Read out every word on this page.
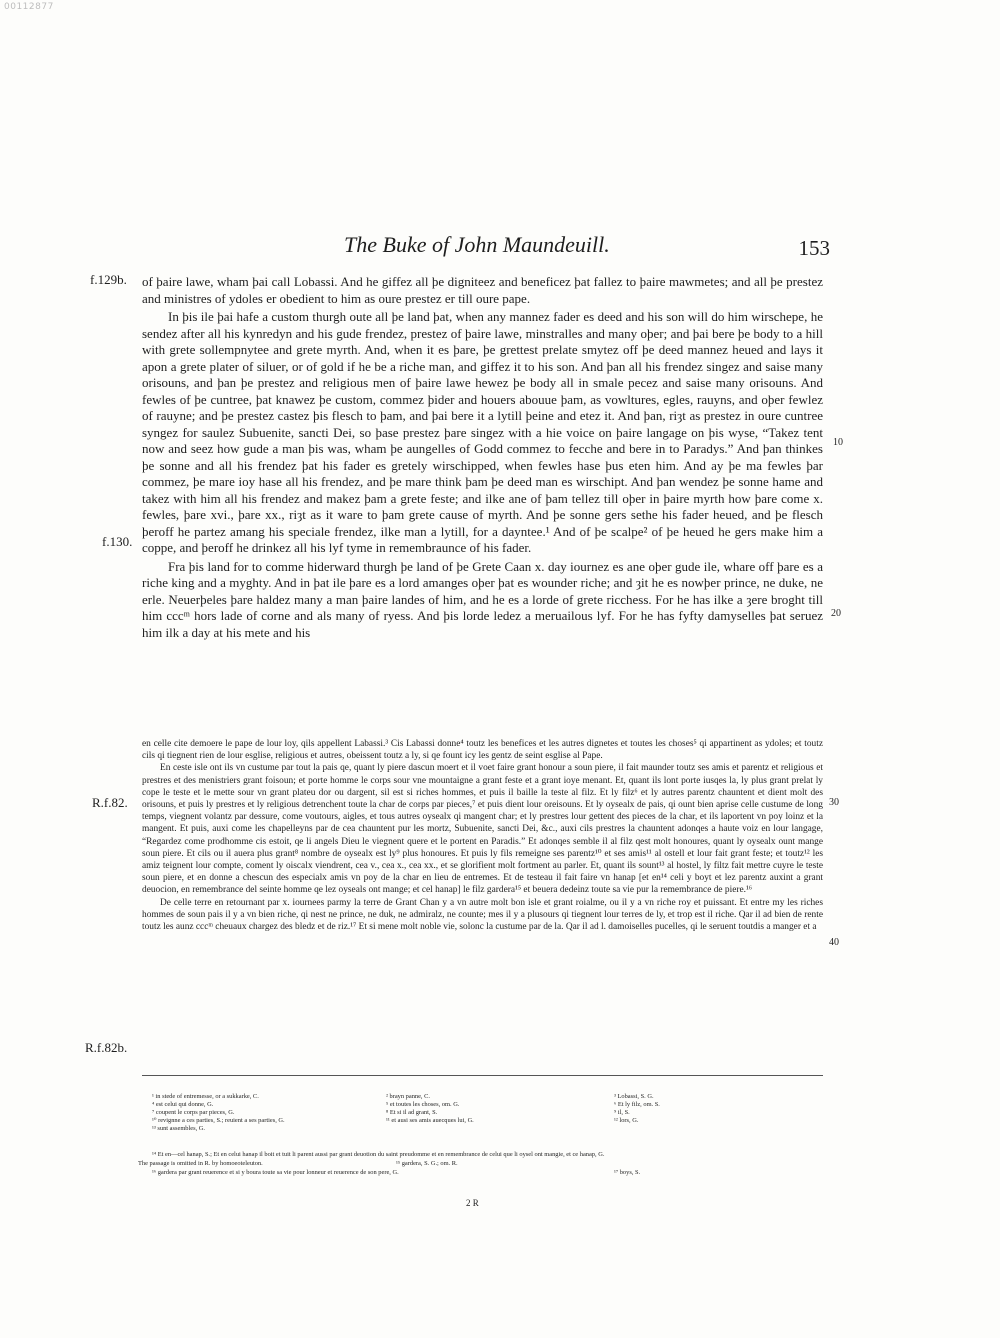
00112877
The Buke of John Maundeuill.	153

of þaire lawe, wham þai call Lobassi. And he giffez all þe digniteez and beneficez þat fallez to þaire mawmetes; and all þe prestez and ministres of ydoles er obedient to him as oure prestez er till oure pape.

In þis ile þai hafe a custom thurgh oute all þe land þat, when any mannez fader es deed and his son will do him wirschepe, he sendez after all his kynredyn and his gude frendez, prestez of þaire lawe, minstralles and many oþer; and þai bere þe body to a hill with grete sollempnytee and grete myrth. And, when it es þare, þe grettest prelate smytez off þe deed mannez heued and lays it apon a grete plater of siluer, or of gold if he be a riche man, and giffez it to his son. And þan all his frendez singez and saise many orisouns, and þan þe prestez and religious men of þaire lawe hewez þe body all in smale pecez and saise many orisouns. And fewles of þe cuntree, þat knawez þe custom, commez þider and houers abouue þam, as vowltures, egles, rauyns, and oþer fewlez of rauyne; and þe prestez castez þis flesch to þam, and þai bere it a lytill þeine and etez it. And þan, riȝt as prestez in oure cuntree syngez for saulez Subuenite, sancti Dei, so þase prestez þare singez with a hie voice on þaire langage on þis wyse, “Takez tent now and seez how gude a man þis was, wham þe aungelles of Godd commez to fecche and bere in to Paradys.” And þan thinkes þe sonne and all his frendez þat his fader es gretely wirschipped, when fewles hase þus eten him. And ay þe ma fewles þar commez, þe mare ioy hase all his frendez, and þe mare think þam þe deed man es wirschipt. And þan wendez þe sonne hame and takez with him all his frendez and makez þam a grete feste; and ilke ane of þam tellez till oþer in þaire myrth how þare come x. fewles, þare xvi., þare xx., riȝt as it ware to þam grete cause of myrth. And þe sonne gers sethe his fader heued, and þe flesch þeroff he partez amang his speciale frendez, ilke man a lytill, for a dayntee.¹ And of þe scalpe² of þe heued he gers make him a coppe, and þeroff he drinkez all his lyf tyme in remembraunce of his fader.

Fra þis land for to comme hiderward thurgh þe land of þe Grete Caan x. day iournez es ane oþer gude ile, whare off þare es a riche king and a myghty. And in þat ile þare es a lord amanges oþer þat es wounder riche; and ȝit he es nowþer prince, ne duke, ne erle. Neuerþeles þare haldez many a man þaire landes of him, and he es a lorde of grete ricchess. For he has ilke a ȝere broght till him cccᵐ hors lade of corne and als many of ryess. And þis lorde ledez a meruailous lyf. For he has fyfty damyselles þat seruez him ilk a day at his mete and his

en celle cite demoere le pape de lour loy, qils appellent Labassi.³ Cis Labassi donne⁴ toutz les benefices et les autres dignetes et toutes les choses⁵ qi appartinent as ydoles; et toutz cils qi tiegnent rien de lour esglise, religious et autres, obeissent toutz a ly, si qe fount icy les gentz de seint esglise al Pape.

En ceste isle ont ils vn custume par tout la pais qe, quant ly piere dascun moert et il voet faire grant honour a soun piere, il fait maunder toutz ses amis et parentz et religious et prestres et des menistriers grant foisoun; et porte homme le corps sour vne mountaigne a grant feste et a grant ioye menant. Et, quant ils lont porte iusqes la, ly plus grant prelat ly cope le teste et le mette sour vn grant plateu dor ou dargent, sil est si riches hommes, et puis il baille la teste al filz. Et ly filz⁶ et ly autres parentz chauntent et dient molt des orisouns, et puis ly prestres et ly religious detrenchent toute la char de corps par pieces,⁷ et puis dient lour oreisouns. Et ly oysealx de pais, qi ount bien aprise celle custume de long temps, viegnent volantz par dessure, come voutours, aigles, et tous autres oysealx qi mangent char; et ly prestres lour gettent des pieces de la char, et ils laportent vn poy loinz et la mangent. Et puis, auxi come les chapelleyns par de cea chauntent pur les mortz, Subuenite, sancti Dei, &c., auxi cils prestres la chauntent adonqes a haute voiz en lour langage, “Regardez come prodhomme cis estoit, qe li angels Dieu le viegnent quere et le portent en Paradis.” Et adonqes semble il al filz qest molt honoures, quant ly oysealx ount mange soun piere. Et cils ou il auera plus grant⁸ nombre de oysealx est ly⁹ plus honoures. Et puis ly fils remeigne ses parentz¹⁰ et ses amis¹¹ al ostell et lour fait grant feste; et toutz¹² les amiz teignent lour compte, coment ly oiscalx viendrent, cea v., cea x., cea xx., et se glorifient molt fortment au parler. Et, quant ils sount¹³ al hostel, ly filtz fait mettre cuyre le teste soun piere, et en donne a chescun des especialx amis vn poy de la char en lieu de entremes. Et de testeau il fait faire vn hanap [et en¹⁴ celi y boyt et lez parentz auxint a grant deuocion, en remembrance del seinte homme qe lez oyseals ont mange; et cel hanap] le filz gardera¹⁵ et beuera dedeinz toute sa vie pur la remembrance de piere.¹⁶

De celle terre en retournant par x. iournees parmy la terre de Grant Chan y a vn autre molt bon isle et grant roialme, ou il y a vn riche roy et puissant. Et entre my les riches hommes de soun pais il y a vn bien riche, qi nest ne prince, ne duk, ne admiralz, ne counte; mes il y a plusours qi tiegnent lour terres de ly, et trop est il riche. Qar il ad bien de rente toutz les aunz cccᵐ cheuaux chargez des bledz et de riz.¹⁷ Et si mene molt noble vie, solonc la custume par de la. Qar il ad l. damoiselles pucelles, qi le seruent toutdis a manger et a

f.129b.
f.130.
R.f.82.
R.f.82b.
10
20
30
40
¹ in stede of entremesse, or a sukkarke, C.
⁴ est celui qui donne, G.
⁷ coupent le corps par pieces, G.
¹⁰ revignne a ces parties, S.; reuient a ses parties, G.
¹³ sunt assembles, G.
² brayn panne, C.
⁵ et toutes les choses, om. G.
⁸ Et si il ad grant, S.
¹¹ et ausi ses amis auecques lui, G.
³ Lobassi, S. G.
⁶ Et ly filz, om. S.
⁹ il, S.
¹² lors, G.
¹⁴ Et en—cel hanap, S.; Et en celui hanap il boit et tuit li parent aussi par grant deuotion du saint preudomme et en remembrance de celui que li oysel ont mangie, et ce hanap, G.
The passage is omitted in R. by homoeoteleuton.	¹⁵ gardera, S. G.; om. R.
¹⁶ gardera par grant reuerence et si y boura toute sa vie pour lonneur et reuerence de son pere, G.	¹⁷ boys, S.
2 R
